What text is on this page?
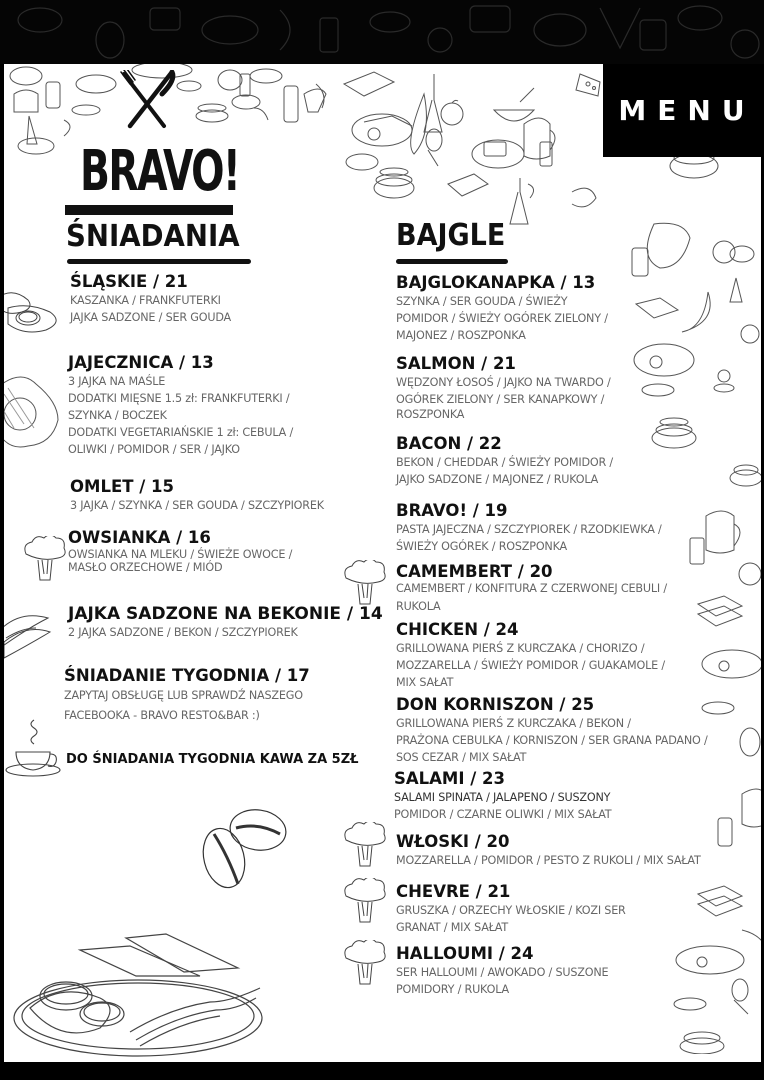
MENU
BRAVO!
ŚNIADANIA	BAJGLE
ŚLĄSKIE / 21
KASZANKA / FRANKFUTERKI
JAJKA SADZONE / SER GOUDA
JAJECZNICA / 13
3 JAJKA NA MAŚLE
DODATKI MIĘSNE 1.5 zł: FRANKFUTERKI /
SZYNKA / BOCZEK
DODATKI VEGETARIAŃSKIE 1 zł: CEBULA /
OLIWKI / POMIDOR / SER / JAJKO
OMLET / 15
3 JAJKA / SZYNKA / SER GOUDA / SZCZYPIOREK
OWSIANKA / 16
OWSIANKA NA MLEKU / ŚWIEŻE OWOCE /
MASŁO ORZECHOWE / MIÓD
JAJKA SADZONE NA BEKONIE / 14
2 JAJKA SADZONE / BEKON / SZCZYPIOREK
ŚNIADANIE TYGODNIA / 17
ZAPYTAJ OBSŁUGĘ LUB SPRAWDŹ NASZEGO
FACEBOOKA - BRAVO RESTO&BAR :)
DO ŚNIADANIA TYGODNIA KAWA ZA 5ZŁ
BAJGLOKANAPKA / 13
SZYNKA / SER GOUDA / ŚWIEŻY
POMIDOR / ŚWIEŻY OGÓREK ZIELONY /
MAJONEZ / ROSZPONKA
SALMON / 21
WĘDZONY ŁOSOŚ / JAJKO NA TWARDO /
OGÓREK ZIELONY / SER KANAPKOWY /
ROSZPONKA
BACON / 22
BEKON / CHEDDAR / ŚWIEŻY POMIDOR /
JAJKO SADZONE / MAJONEZ / RUKOLA
BRAVO! / 19
PASTA JAJECZNA / SZCZYPIOREK / RZODKIEWKA /
ŚWIEŻY OGÓREK / ROSZPONKA
CAMEMBERT / 20
CAMEMBERT / KONFITURA Z CZERWONEJ CEBULI /
RUKOLA
CHICKEN / 24
GRILLOWANA PIERŚ Z KURCZAKA / CHORIZO /
MOZZARELLA / ŚWIEŻY POMIDOR / GUAKAMOLE /
MIX SAŁAT
DON KORNISZON / 25
GRILLOWANA PIERŚ Z KURCZAKA / BEKON /
PRAŻONA CEBULKA / KORNISZON / SER GRANA PADANO /
SOS CEZAR / MIX SAŁAT
SALAMI / 23
SALAMI SPINATA / JALAPENO / SUSZONY
POMIDOR / CZARNE OLIWKI / MIX SAŁAT
WŁOSKI / 20
MOZZARELLA / POMIDOR / PESTO Z RUKOLI / MIX SAŁAT
CHEVRE / 21
GRUSZKA / ORZECHY WŁOSKIE / KOZI SER
GRANAT / MIX SAŁAT
HALLOUMI / 24
SER HALLOUMI / AWOKADO / SUSZONE
POMIDORY / RUKOLA
